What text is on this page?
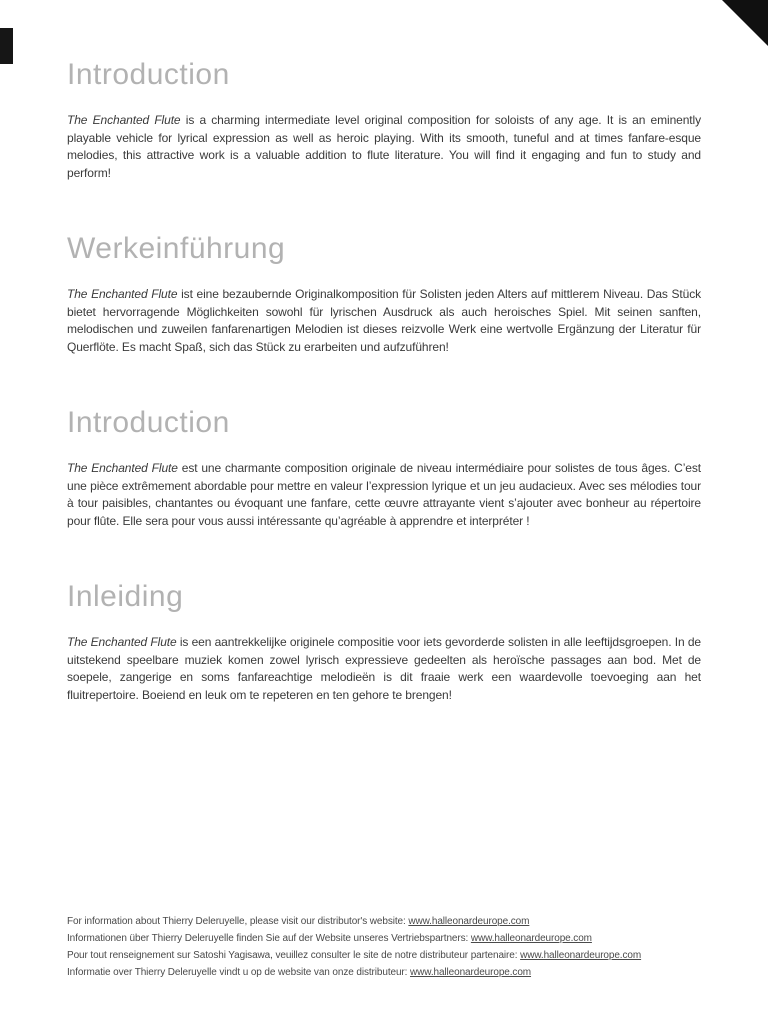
Introduction

The Enchanted Flute is a charming intermediate level original composition for soloists of any age. It is an eminently playable vehicle for lyrical expression as well as heroic playing. With its smooth, tuneful and at times fanfare-esque melodies, this attractive work is a valuable addition to flute literature. You will find it engaging and fun to study and perform!

Werkeinführung

The Enchanted Flute ist eine bezaubernde Originalkomposition für Solisten jeden Alters auf mittlerem Niveau. Das Stück bietet hervorragende Möglichkeiten sowohl für lyrischen Ausdruck als auch heroisches Spiel. Mit seinen sanften, melodischen und zuweilen fanfarenartigen Melodien ist dieses reizvolle Werk eine wertvolle Ergänzung der Literatur für Querflöte. Es macht Spaß, sich das Stück zu erarbeiten und aufzuführen!

Introduction

The Enchanted Flute est une charmante composition originale de niveau intermédiaire pour solistes de tous âges. C’est une pièce extrêmement abordable pour mettre en valeur l’expression lyrique et un jeu audacieux. Avec ses mélodies tour à tour paisibles, chantantes ou évoquant une fanfare, cette œuvre attrayante vient s’ajouter avec bonheur au répertoire pour flûte. Elle sera pour vous aussi intéressante qu’agréable à apprendre et interpréter !

Inleiding

The Enchanted Flute is een aantrekkelijke originele compositie voor iets gevorderde solisten in alle leeftijdsgroepen. In de uitstekend speelbare muziek komen zowel lyrisch expressieve gedeelten als heroïsche passages aan bod. Met de soepele, zangerige en soms fanfareachtige melodieën is dit fraaie werk een waardevolle toevoeging aan het fluitrepertoire. Boeiend en leuk om te repeteren en ten gehore te brengen!

For information about Thierry Deleruyelle, please visit our distributor's website: www.halleonardeurope.com
Informationen über Thierry Deleruyelle finden Sie auf der Website unseres Vertriebspartners: www.halleonardeurope.com
Pour tout renseignement sur Satoshi Yagisawa, veuillez consulter le site de notre distributeur partenaire: www.halleonardeurope.com
Informatie over Thierry Deleruyelle vindt u op de website van onze distributeur: www.halleonardeurope.com
